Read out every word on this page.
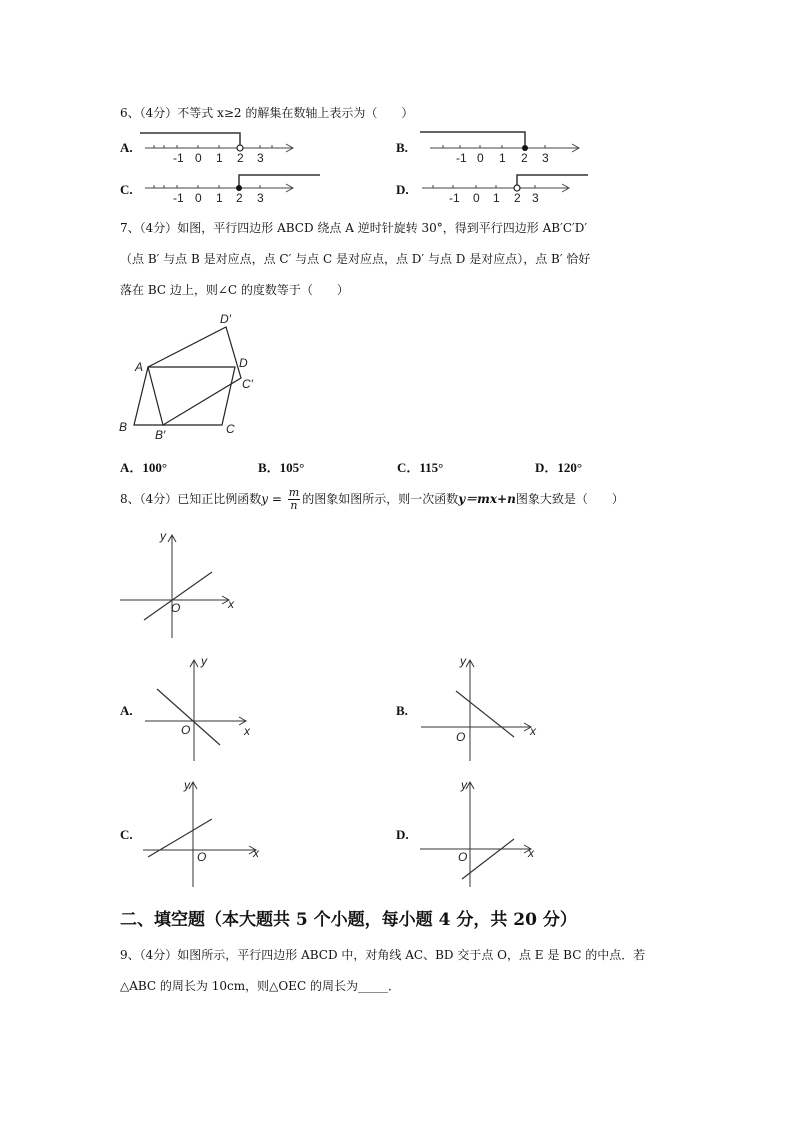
6、（4分）不等式 x≥2 的解集在数轴上表示为（　　）
A.
-1 0 1 2 3
B.
-1 0 1 2 3
C.
-1 0 1 2 3
D.
-1 0 1 2 3
7、（4分）如图，平行四边形 ABCD 绕点 A 逆时针旋转 30°，得到平行四边形 AB′C′D′
（点 B′ 与点 B 是对应点，点 C′ 与点 C 是对应点，点 D′ 与点 D 是对应点），点 B′ 恰好
落在 BC 边上，则∠C 的度数等于（　　）
A	D
B	C
B′
C′
D′
A．100°	B．105°	C．115°	D．120°
8、（4分）已知正比例函数$y = \frac{m}{n}$ 的图象如图所示，则一次函数y＝mx+n图象大致是（　　）
y
x
O
A.
y
x
O
B.
y
x
O
C.
y
x
O
D.
y
x
O
二、填空题（本大题共 5 个小题，每小题 4 分，共 20 分）
9、（4分）如图所示，平行四边形 ABCD 中，对角线 AC、BD 交于点 O，点 E 是 BC 的中点．若
△ABC 的周长为 10cm，则△OEC 的周长为_____．
